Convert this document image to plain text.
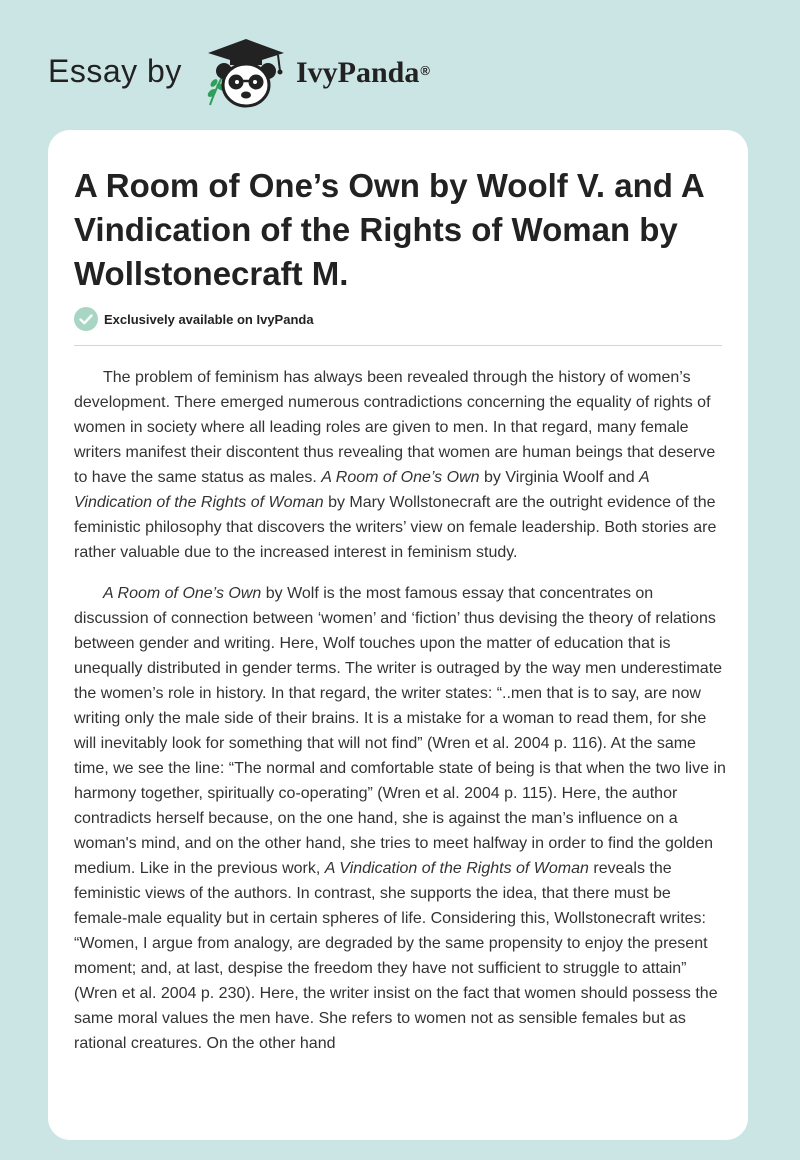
Essay by	IvyPanda®
A Room of One’s Own by Woolf V. and A Vindication of the Rights of Woman by Wollstonecraft M.
Exclusively available on IvyPanda

The problem of feminism has always been revealed through the history of women’s development. There emerged numerous contradictions concerning the equality of rights of women in society where all leading roles are given to men. In that regard, many female writers manifest their discontent thus revealing that women are human beings that deserve to have the same status as males. A Room of One’s Own by Virginia Woolf and A Vindication of the Rights of Woman by Mary Wollstonecraft are the outright evidence of the feministic philosophy that discovers the writers’ view on female leadership. Both stories are rather valuable due to the increased interest in feminism study.

A Room of One’s Own by Wolf is the most famous essay that concentrates on discussion of connection between ‘women’ and ‘fiction’ thus devising the theory of relations between gender and writing. Here, Wolf touches upon the matter of education that is unequally distributed in gender terms. The writer is outraged by the way men underestimate the women’s role in history. In that regard, the writer states: “..men that is to say, are now writing only the male side of their brains. It is a mistake for a woman to read them, for she will inevitably look for something that will not find” (Wren et al. 2004 p. 116). At the same time, we see the line: “The normal and comfortable state of being is that when the two live in harmony together, spiritually co-operating” (Wren et al. 2004 p. 115). Here, the author contradicts herself because, on the one hand, she is against the man’s influence on a woman's mind, and on the other hand, she tries to meet halfway in order to find the golden medium. Like in the previous work, A Vindication of the Rights of Woman reveals the feministic views of the authors. In contrast, she supports the idea, that there must be female-male equality but in certain spheres of life. Considering this, Wollstonecraft writes: “Women, I argue from analogy, are degraded by the same propensity to enjoy the present moment; and, at last, despise the freedom they have not sufficient to struggle to attain” (Wren et al. 2004 p. 230). Here, the writer insist on the fact that women should possess the same moral values the men have. She refers to women not as sensible females but as rational creatures. On the other hand
